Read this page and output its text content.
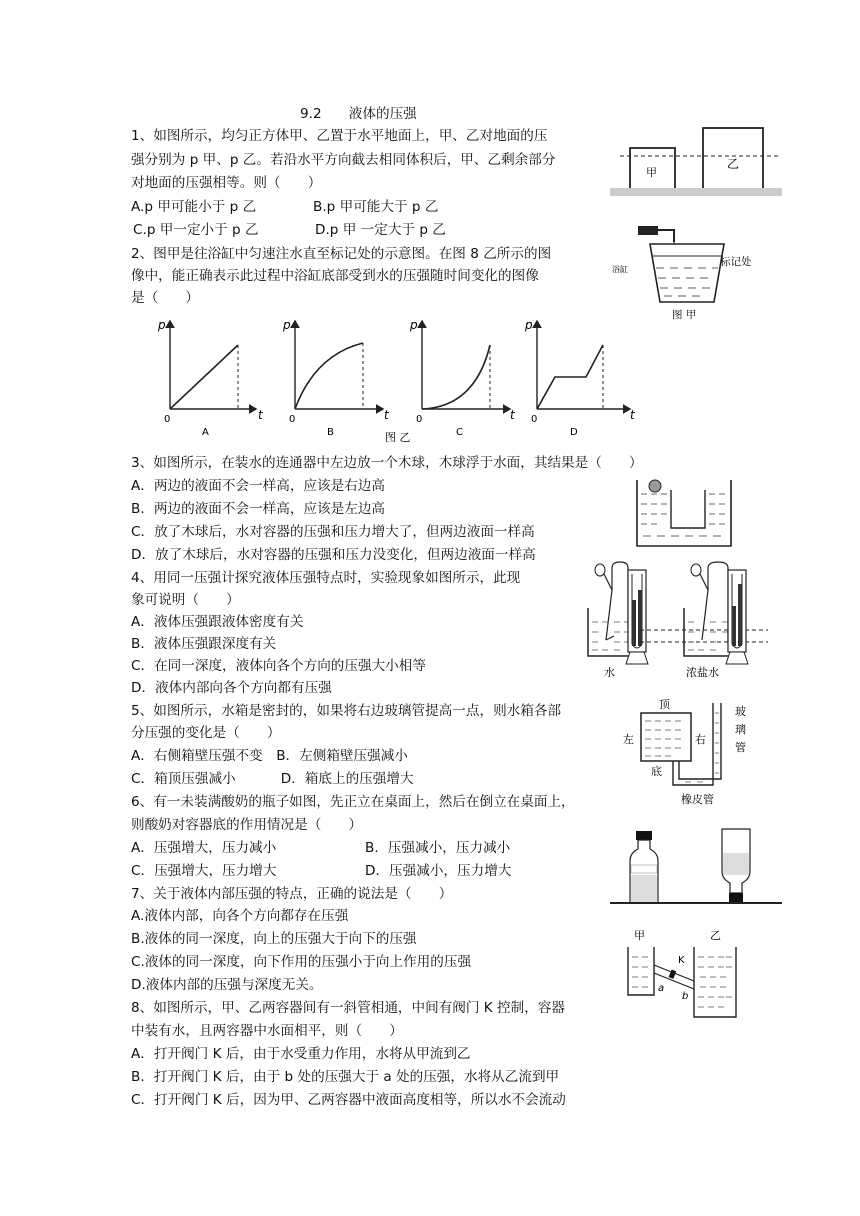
9.2　　液体的压强
1、如图所示，均匀正方体甲、乙置于水平地面上，甲、乙对地面的压
强分别为 p 甲、p 乙。若沿水平方向截去相同体积后，甲、乙剩余部分
对地面的压强相等。则（　　）
A.p 甲可能小于 p 乙	B.p 甲可能大于 p 乙
C.p 甲一定小于 p 乙	D.p 甲 一定大于 p 乙
甲
乙
2、图甲是往浴缸中匀速注水直至标记处的示意图。在图 8 乙所示的图
像中，能正确表示此过程中浴缸底部受到水的压强随时间变化的图像
是（　　）
标记处
浴缸
图 甲
p
t
0
A
p
t
0
B
p
t
0
C
p
t
0
D
图 乙
3、如图所示，在装水的连通器中左边放一个木球，木球浮于水面，其结果是（　　）
A．两边的液面不会一样高，应该是右边高
B．两边的液面不会一样高，应该是左边高
C．放了木球后，水对容器的压强和压力增大了，但两边液面一样高
D．放了木球后，水对容器的压强和压力没变化，但两边液面一样高
4、用同一压强计探究液体压强特点时，实验现象如图所示，此现
象可说明（　　）
A．液体压强跟液体密度有关
B．液体压强跟深度有关
C．在同一深度，液体向各个方向的压强大小相等
D．液体内部向各个方向都有压强
水	浓盐水
5、如图所示，水箱是密封的，如果将右边玻璃管提高一点，则水箱各部
分压强的变化是（　　）
A．右侧箱壁压强不变　B．左侧箱壁压强减小
C．箱顶压强减小　　　 D．箱底上的压强增大
顶
左	右
底
玻
璃
管
橡皮管
6、有一未装满酸奶的瓶子如图，先正立在桌面上，然后在倒立在桌面上，
则酸奶对容器底的作用情况是（　　）
A．压强增大，压力减小	B．压强减小，压力减小
C．压强增大，压力增大	D．压强减小，压力增大
7、关于液体内部压强的特点，正确的说法是（　　）
A.液体内部，向各个方向都存在压强
B.液体的同一深度，向上的压强大于向下的压强
C.液体的同一深度，向下作用的压强小于向上作用的压强
D.液体内部的压强与深度无关。
甲	乙
K
a
b
8、如图所示，甲、乙两容器间有一斜管相通，中间有阀门 K 控制，容器
中装有水，且两容器中水面相平，则（　　）
A．打开阀门 K 后，由于水受重力作用，水将从甲流到乙
B．打开阀门 K 后，由于 b 处的压强大于 a 处的压强，水将从乙流到甲
C．打开阀门 K 后，因为甲、乙两容器中液面高度相等，所以水不会流动
